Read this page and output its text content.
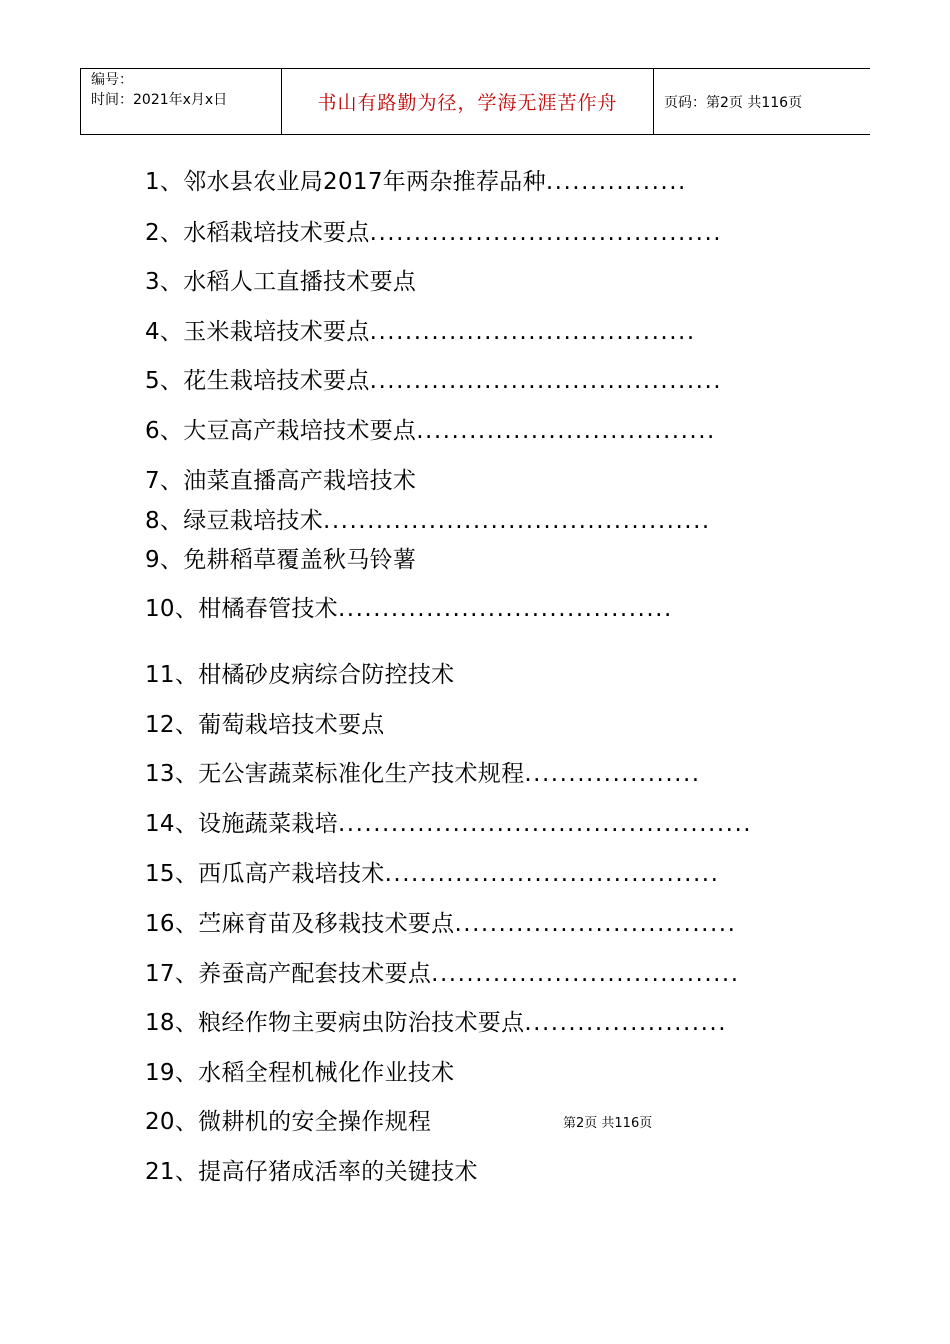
编号：
时间：2021年x月x日	书山有路勤为径，学海无涯苦作舟	页码：第2页 共116页
1、邻水县农业局2017年两杂推荐品种................
2、水稻栽培技术要点........................................
3、水稻人工直播技术要点
4、玉米栽培技术要点.....................................
5、花生栽培技术要点........................................
6、大豆高产栽培技术要点..................................
7、油菜直播高产栽培技术
8、绿豆栽培技术............................................
9、免耕稻草覆盖秋马铃薯
10、柑橘春管技术......................................
11、柑橘砂皮病综合防控技术
12、葡萄栽培技术要点
13、无公害蔬菜标准化生产技术规程....................
14、设施蔬菜栽培...............................................
15、西瓜高产栽培技术......................................
16、苎麻育苗及移栽技术要点................................
17、养蚕高产配套技术要点...................................
18、粮经作物主要病虫防治技术要点.......................
19、水稻全程机械化作业技术
20、微耕机的安全操作规程
21、提高仔猪成活率的关键技术
第2页 共116页
